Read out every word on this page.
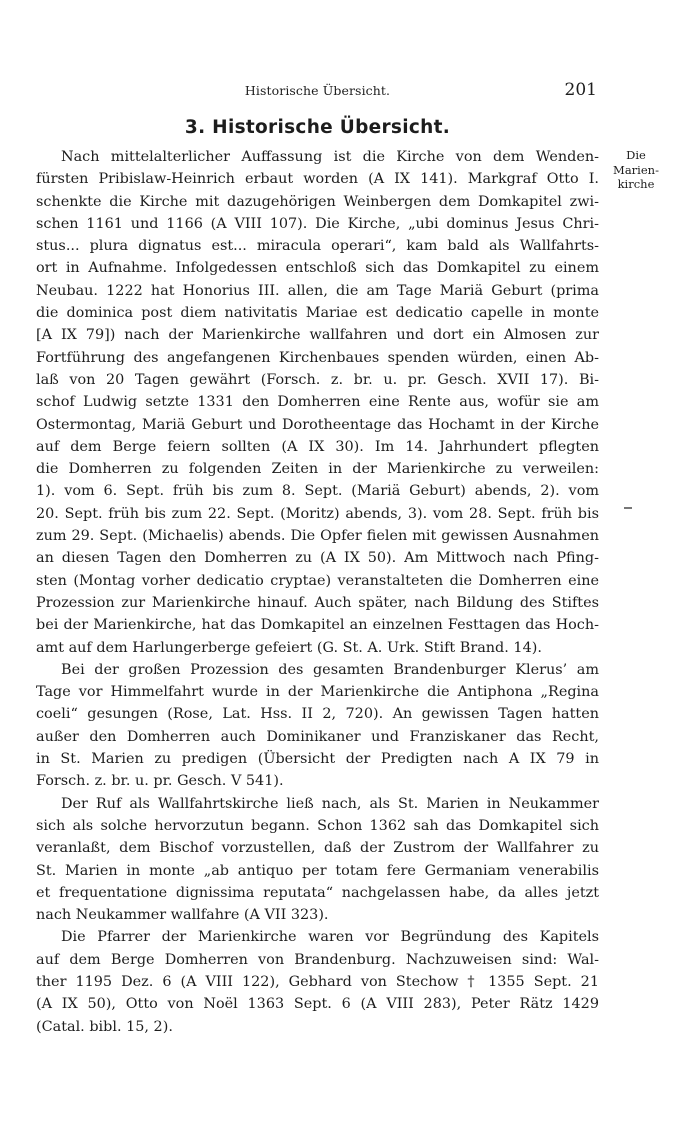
Historische Übersicht.	201
3. Historische Übersicht.
Die
Marien-
kirche
Nach mittelalterlicher Auffassung ist die Kirche von dem Wenden-
fürsten Pribislaw-Heinrich erbaut worden (A IX 141). Markgraf Otto I.
schenkte die Kirche mit dazugehörigen Weinbergen dem Domkapitel zwi-
schen 1161 und 1166 (A VIII 107). Die Kirche, „ubi dominus Jesus Chri-
stus... plura dignatus est... miracula operari“, kam bald als Wallfahrts-
ort in Aufnahme. Infolgedessen entschloß sich das Domkapitel zu einem
Neubau. 1222 hat Honorius III. allen, die am Tage Mariä Geburt (prima
die dominica post diem nativitatis Mariae est dedicatio capelle in monte
[A IX 79]) nach der Marienkirche wallfahren und dort ein Almosen zur
Fortführung des angefangenen Kirchenbaues spenden würden, einen Ab-
laß von 20 Tagen gewährt (Forsch. z. br. u. pr. Gesch. XVII 17). Bi-
schof Ludwig setzte 1331 den Domherren eine Rente aus, wofür sie am
Ostermontag, Mariä Geburt und Dorotheentage das Hochamt in der Kirche
auf dem Berge feiern sollten (A IX 30). Im 14. Jahrhundert pflegten
die Domherren zu folgenden Zeiten in der Marienkirche zu verweilen:
1). vom 6. Sept. früh bis zum 8. Sept. (Mariä Geburt) abends, 2). vom
20. Sept. früh bis zum 22. Sept. (Moritz) abends, 3). vom 28. Sept. früh bis
zum 29. Sept. (Michaelis) abends. Die Opfer fielen mit gewissen Ausnahmen
an diesen Tagen den Domherren zu (A IX 50). Am Mittwoch nach Pfing-
sten (Montag vorher dedicatio cryptae) veranstalteten die Domherren eine
Prozession zur Marienkirche hinauf. Auch später, nach Bildung des Stiftes
bei der Marienkirche, hat das Domkapitel an einzelnen Festtagen das Hoch-
amt auf dem Harlungerberge gefeiert (G. St. A. Urk. Stift Brand. 14).
Bei der großen Prozession des gesamten Brandenburger Klerus’ am
Tage vor Himmelfahrt wurde in der Marienkirche die Antiphona „Regina
coeli“ gesungen (Rose, Lat. Hss. II 2, 720). An gewissen Tagen hatten
außer den Domherren auch Dominikaner und Franziskaner das Recht,
in St. Marien zu predigen (Übersicht der Predigten nach A IX 79 in
Forsch. z. br. u. pr. Gesch. V 541).
Der Ruf als Wallfahrtskirche ließ nach, als St. Marien in Neukammer
sich als solche hervorzutun begann. Schon 1362 sah das Domkapitel sich
veranlaßt, dem Bischof vorzustellen, daß der Zustrom der Wallfahrer zu
St. Marien in monte „ab antiquo per totam fere Germaniam venerabilis
et frequentatione dignissima reputata“ nachgelassen habe, da alles jetzt
nach Neukammer wallfahre (A VII 323).
Die Pfarrer der Marienkirche waren vor Begründung des Kapitels
auf dem Berge Domherren von Brandenburg. Nachzuweisen sind: Wal-
ther 1195 Dez. 6 (A VIII 122), Gebhard von Stechow † 1355 Sept. 21
(A IX 50), Otto von Noël 1363 Sept. 6 (A VIII 283), Peter Rätz 1429
(Catal. bibl. 15, 2).
